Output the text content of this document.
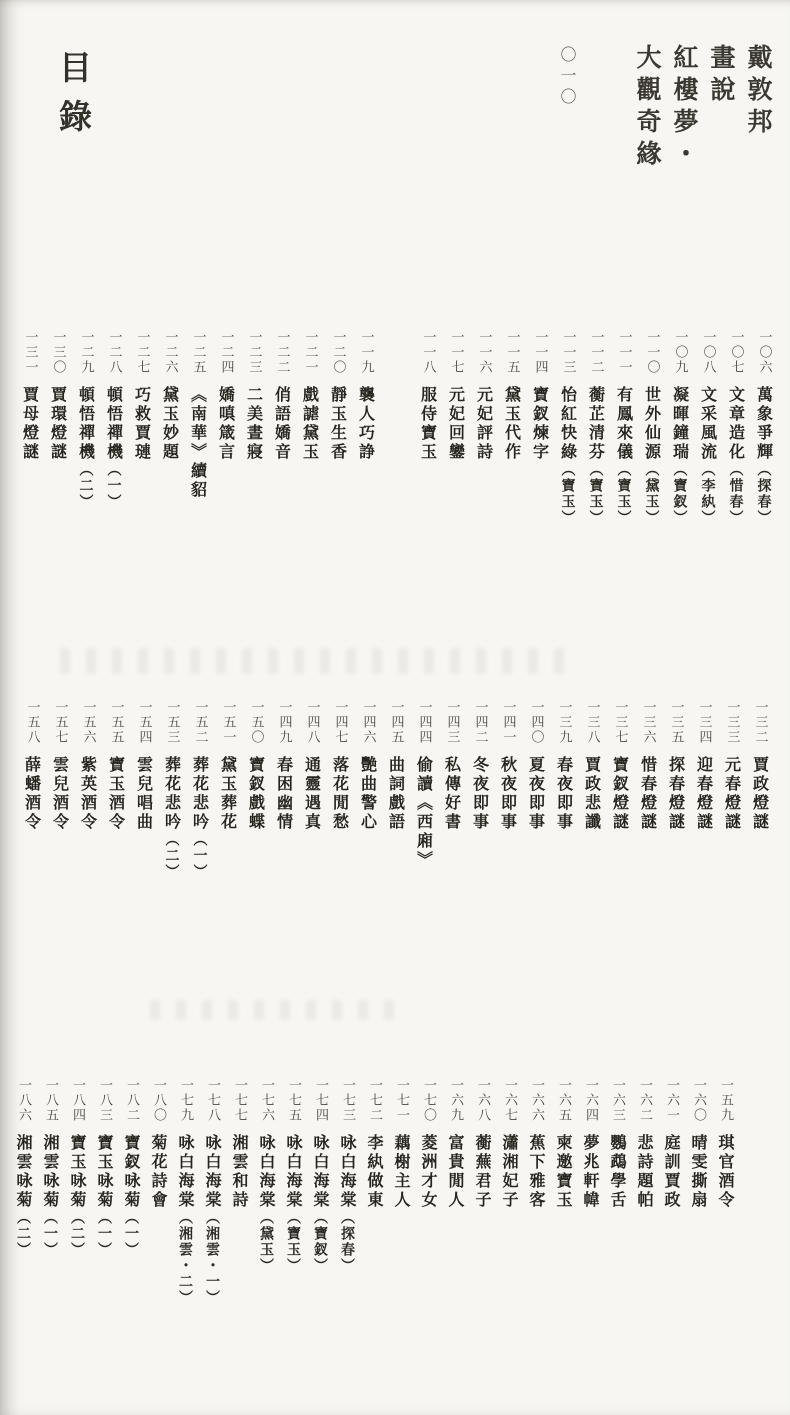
目錄	戴敦邦
畫說
紅樓夢・
大觀奇緣
〇一〇
一〇六
萬象爭輝（探春）
一〇七
文章造化（惜春）
一〇八
文采風流（李紈）
一〇九
凝暉鐘瑞（寶釵）
一一〇
世外仙源（黛玉）
一一一
有鳳來儀（寶玉）
一一二
蘅芷清芬（寶玉）
一一三
怡紅快綠（寶玉）
一一四
寶釵煉字
一一五
黛玉代作
一一六
元妃評詩
一一七
元妃回鑾
一一八
服侍寶玉
一一九
襲人巧諍
一二〇
靜玉生香
一二一
戲謔黛玉
一二二
俏語嬌音
一二三
二美晝寢
一二四
嬌嗔箴言
一二五
《南華》續貂
一二六
黛玉妙題
一二七
巧救賈璉
一二八
頓悟禪機（一）
一二九
頓悟禪機（二）
一三〇
賈環燈謎
一三一
賈母燈謎
一三二
賈政燈謎
一三三
元春燈謎
一三四
迎春燈謎
一三五
探春燈謎
一三六
惜春燈謎
一三七
寶釵燈謎
一三八
賈政悲讖
一三九
春夜即事
一四〇
夏夜即事
一四一
秋夜即事
一四二
冬夜即事
一四三
私傳好書
一四四
偷讀《西廂》
一四五
曲詞戲語
一四六
艷曲警心
一四七
落花閒愁
一四八
通靈遇真
一四九
春困幽情
一五〇
寶釵戲蝶
一五一
黛玉葬花
一五二
葬花悲吟（一）
一五三
葬花悲吟（二）
一五四
雲兒唱曲
一五五
寶玉酒令
一五六
紫英酒令
一五七
雲兒酒令
一五八
薛蟠酒令
一五九
琪官酒令
一六〇
晴雯撕扇
一六一
庭訓賈政
一六二
悲詩題帕
一六三
鸚鵡學舌
一六四
夢兆軒幃
一六五
柬邀寶玉
一六六
蕉下雅客
一六七
瀟湘妃子
一六八
蘅蕪君子
一六九
富貴閒人
一七〇
菱洲才女
一七一
藕榭主人
一七二
李紈做東
一七三
咏白海棠（探春）
一七四
咏白海棠（寶釵）
一七五
咏白海棠（寶玉）
一七六
咏白海棠（黛玉）
一七七
湘雲和詩
一七八
咏白海棠（湘雲・一）
一七九
咏白海棠（湘雲・二）
一八〇
菊花詩會
一八二
寶釵咏菊（一）
一八三
寶玉咏菊（一）
一八四
寶玉咏菊（二）
一八五
湘雲咏菊（一）
一八六
湘雲咏菊（二）
